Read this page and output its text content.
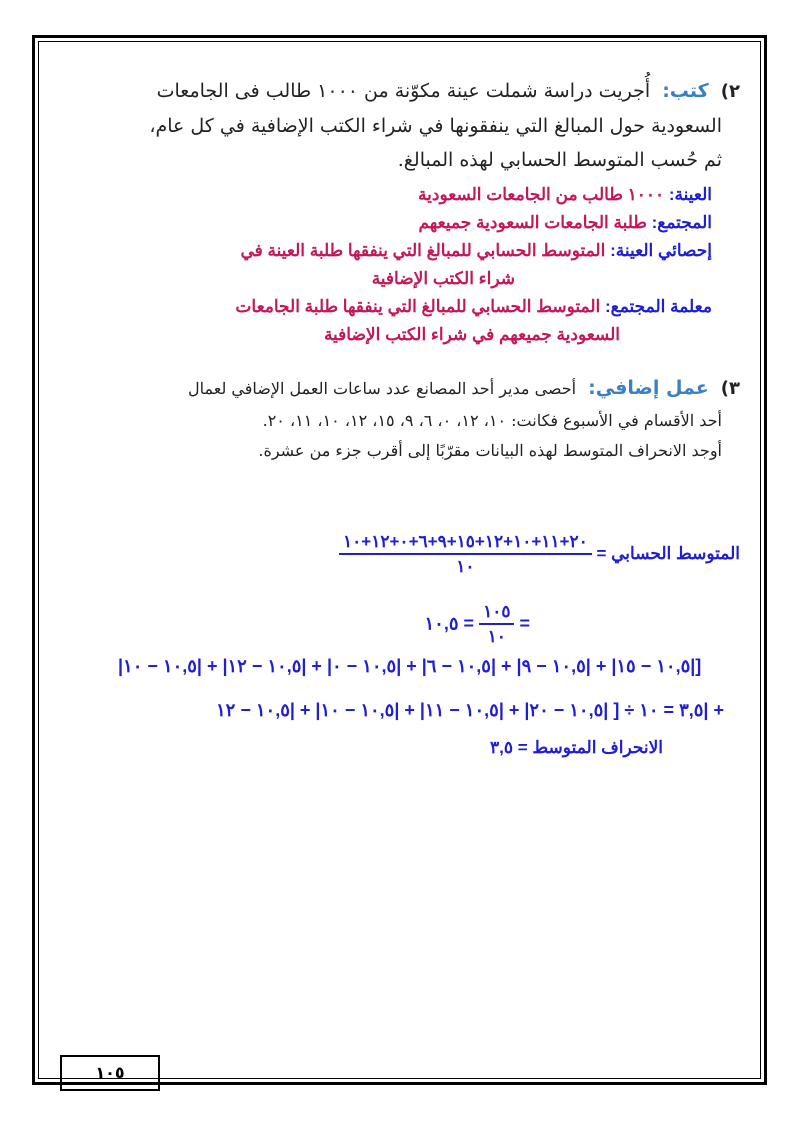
٢) كتب: أُجريت دراسة شملت عينة مكوّنة من ١٠٠٠ طالب فى الجامعات
السعودية حول المبالغ التي ينفقونها في شراء الكتب الإضافية في كل عام،
ثم حُسب المتوسط الحسابي لهذه المبالغ.
العينة: ١٠٠٠ طالب من الجامعات السعودية
المجتمع: طلبة الجامعات السعودية جميعهم
إحصائي العينة: المتوسط الحسابي للمبالغ التي ينفقها طلبة العينة في
شراء الكتب الإضافية
معلمة المجتمع: المتوسط الحسابي للمبالغ التي ينفقها طلبة الجامعات
السعودية جميعهم في شراء الكتب الإضافية
٣) عمل إضافي: أحصى مدير أحد المصانع عدد ساعات العمل الإضافي لعمال
أحد الأقسام في الأسبوع فكانت: ١٠، ١٢، ٠، ٦، ٩، ١٥، ١٢، ١٠، ١١، ٢٠.
أوجد الانحراف المتوسط لهذه البيانات مقرّبًا إلى أقرب جزء من عشرة.
المتوسط الحسابي =
$\frac{٢٠+١١+١٠+١٢+١٥+٩+٦+٠+١٢+١٠}{١٠}$
=
$\frac{١٠٥}{١٠}$
= ١٠,٥
|١٠,٥ − ١٥| + |١٠,٥ − ٩| + |١٠,٥ − ٦| + |١٠,٥ − ٠| + |١٠,٥ − ١٢| + |١٠,٥ − ١٠|]
٣,٥ = ١٠ ÷ [ |١٠,٥ − ٢٠| + |١٠,٥ − ١١| + |١٠,٥ − ١٠| + |١٠,٥ − ١٢| +
الانحراف المتوسط = ٣,٥
١٠٥
